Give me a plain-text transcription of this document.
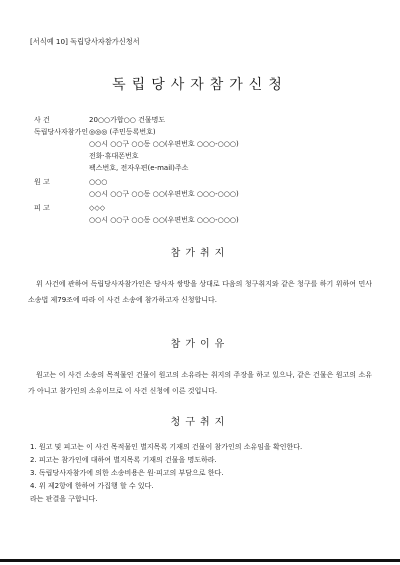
[서식예 10] 독립당사자참가신청서
독립당사자참가신청
사 건	20○○가합○○ 건물명도
독립당사자참가인 ◎◎◎ (주민등록번호)
○○시 ○○구 ○○동 ○○(우편번호 ○○○-○○○)
전화·휴대폰번호
팩스번호, 전자우편(e-mail)주소
원 고	○○○
○○시 ○○구 ○○동 ○○(우편번호 ○○○-○○○)
피 고	◇◇◇
○○시 ○○구 ○○동 ○○(우편번호 ○○○-○○○)
참가취지
위 사건에 관하여 독립당사자참가인은 당사자 쌍방을 상대로 다음의 청구취지와 같은 청구를 하기 위하여 민사소송법 제79조에 따라 이 사건 소송에 참가하고자 신청합니다.
참가이유
원고는 이 사건 소송의 목적물인 건물이 원고의 소유라는 취지의 주장을 하고 있으나, 같은 건물은 원고의 소유가 아니고 참가인의 소유이므로 이 사건 신청에 이른 것입니다.
청구취지
1. 원고 및 피고는 이 사건 목적물인 별지목록 기재의 건물이 참가인의 소유임을 확인한다.
2. 피고는 참가인에 대하여 별지목록 기재의 건물을 명도하라.
3. 독립당사자참가에 의한 소송비용은 원·피고의 부담으로 한다.
4. 위 제2항에 한하여 가집행 할 수 있다.
라는 판결을 구합니다.
